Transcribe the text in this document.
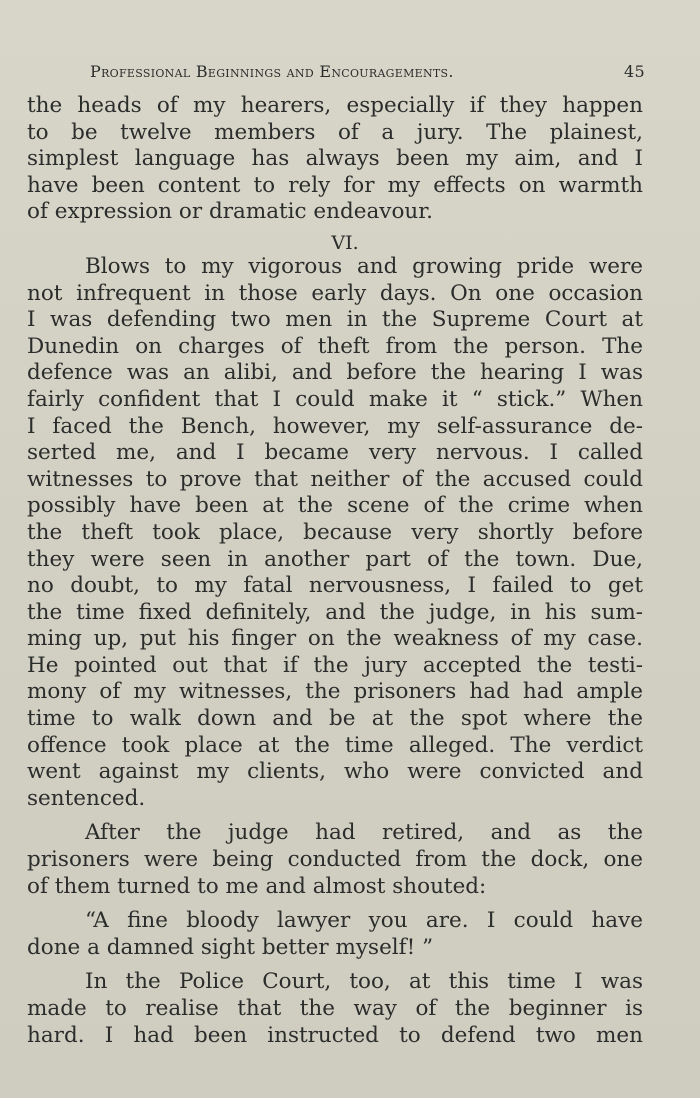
Professional Beginnings and Encouragements.	45
the heads of my hearers, especially if they happen
to be twelve members of a jury. The plainest,
simplest language has always been my aim, and I
have been content to rely for my effects on warmth
of expression or dramatic endeavour.
VI.
Blows to my vigorous and growing pride were
not infrequent in those early days. On one occasion
I was defending two men in the Supreme Court at
Dunedin on charges of theft from the person. The
defence was an alibi, and before the hearing I was
fairly confident that I could make it “ stick.” When
I faced the Bench, however, my self-assurance de-
serted me, and I became very nervous. I called
witnesses to prove that neither of the accused could
possibly have been at the scene of the crime when
the theft took place, because very shortly before
they were seen in another part of the town. Due,
no doubt, to my fatal nervousness, I failed to get
the time fixed definitely, and the judge, in his sum-
ming up, put his finger on the weakness of my case.
He pointed out that if the jury accepted the testi-
mony of my witnesses, the prisoners had had ample
time to walk down and be at the spot where the
offence took place at the time alleged. The verdict
went against my clients, who were convicted and
sentenced.
After the judge had retired, and as the
prisoners were being conducted from the dock, one
of them turned to me and almost shouted:
“A fine bloody lawyer you are. I could have
done a damned sight better myself! ”
In the Police Court, too, at this time I was
made to realise that the way of the beginner is
hard. I had been instructed to defend two men
